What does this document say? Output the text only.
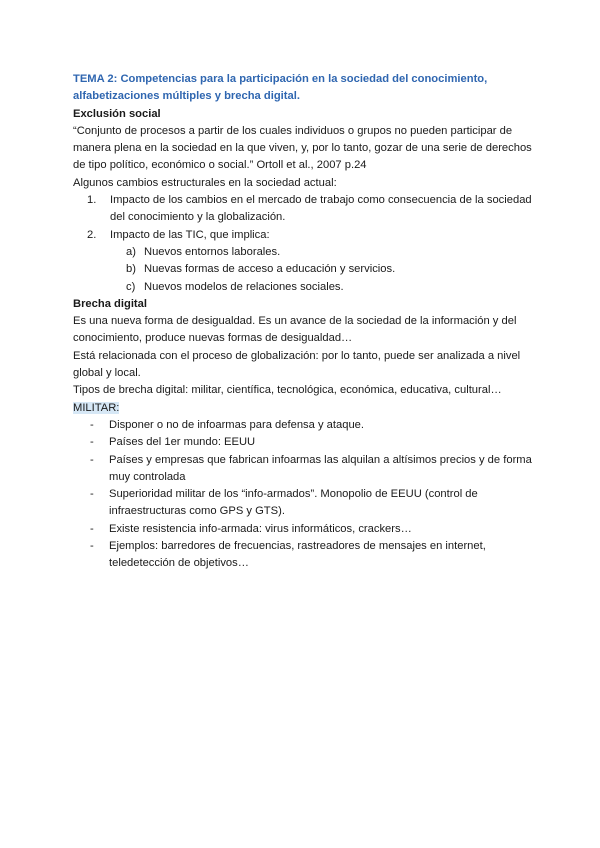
TEMA 2: Competencias para la participación en la sociedad del conocimiento, alfabetizaciones múltiples y brecha digital.

Exclusión social

“Conjunto de procesos a partir de los cuales individuos o grupos no pueden participar de manera plena en la sociedad en la que viven, y, por lo tanto, gozar de una serie de derechos de tipo político, económico o social.” Ortoll et al., 2007 p.24

Algunos cambios estructurales en la sociedad actual:

1. Impacto de los cambios en el mercado de trabajo como consecuencia de la sociedad del conocimiento y la globalización.
2. Impacto de las TIC, que implica:
a) Nuevos entornos laborales.
b) Nuevas formas de acceso a educación y servicios.
c) Nuevos modelos de relaciones sociales.

Brecha digital

Es una nueva forma de desigualdad. Es un avance de la sociedad de la información y del conocimiento, produce nuevas formas de desigualdad…

Está relacionada con el proceso de globalización: por lo tanto, puede ser analizada a nivel global y local.

Tipos de brecha digital: militar, científica, tecnológica, económica, educativa, cultural…

MILITAR:

- Disponer o no de infoarmas para defensa y ataque.
- Países del 1er mundo: EEUU
- Países y empresas que fabrican infoarmas las alquilan a altísimos precios y de forma muy controlada
- Superioridad militar de los “info-armados”. Monopolio de EEUU (control de infraestructuras como GPS y GTS).
- Existe resistencia info-armada: virus informáticos, crackers…
- Ejemplos: barredores de frecuencias, rastreadores de mensajes en internet, teledetección de objetivos…
